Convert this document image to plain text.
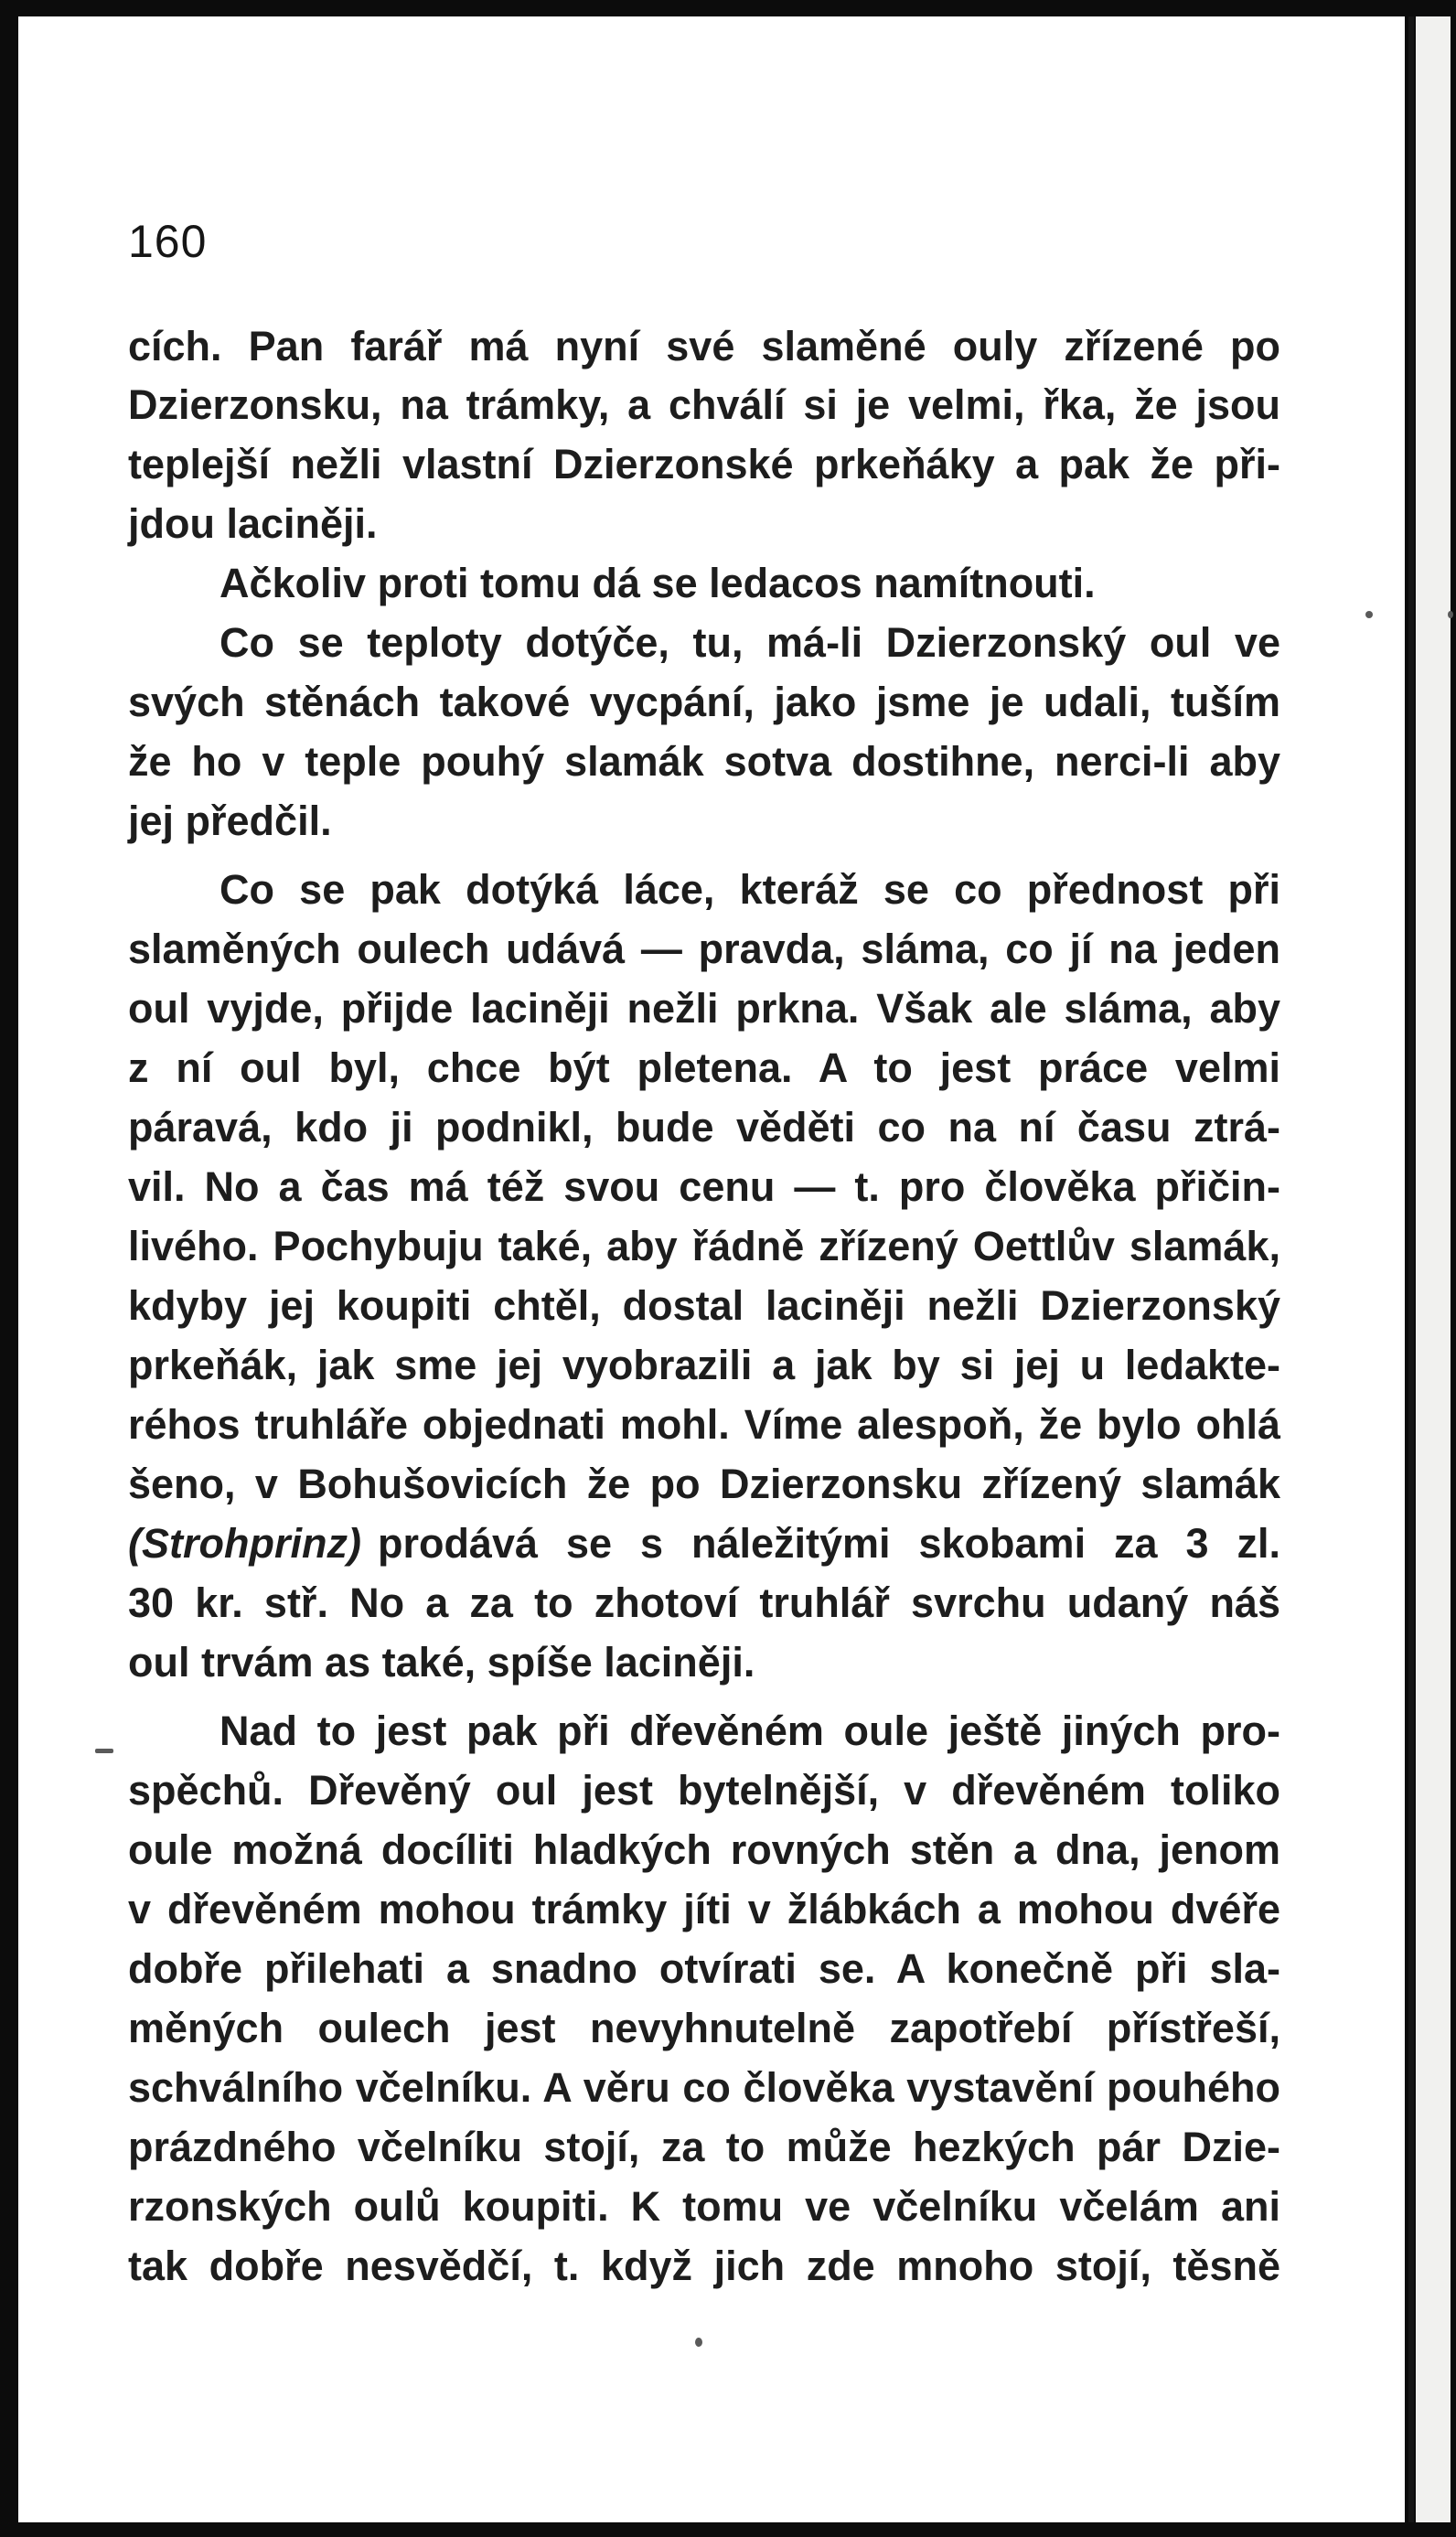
160
cích. Pan farář má nyní své slaměné ouly zřízené po
Dzierzonsku, na trámky, a chválí si je velmi, řka, že jsou
teplejší nežli vlastní Dzierzonské prkeňáky a pak že při-
jdou laciněji.
Ačkoliv proti tomu dá se ledacos namítnouti.
Co se teploty dotýče, tu, má-li Dzierzonský oul ve
svých stěnách takové vycpání, jako jsme je udali, tuším
že ho v teple pouhý slamák sotva dostihne, nerci-li aby
jej předčil.
Co se pak dotýká láce, kteráž se co přednost při
slaměných oulech udává — pravda, sláma, co jí na jeden
oul vyjde, přijde laciněji nežli prkna. Však ale sláma, aby
z ní oul byl, chce být pletena. A to jest práce velmi
páravá, kdo ji podnikl, bude věděti co na ní času ztrá-
vil. No a čas má též svou cenu — t. pro člověka přičin-
livého. Pochybuju také, aby řádně zřízený Oettlův slamák,
kdyby jej koupiti chtěl, dostal laciněji nežli Dzierzonský
prkeňák, jak sme jej vyobrazili a jak by si jej u ledakte-
réhos truhláře objednati mohl. Víme alespoň, že bylo ohlá
šeno, v Bohušovicích že po Dzierzonsku zřízený slamák
(Strohprinz) prodává se s náležitými skobami za 3 zl.
30 kr. stř. No a za to zhotoví truhlář svrchu udaný náš
oul trvám as také, spíše laciněji.
Nad to jest pak při dřevěném oule ještě jiných pro-
spěchů. Dřevěný oul jest bytelnější, v dřevěném toliko
oule možná docíliti hladkých rovných stěn a dna, jenom
v dřevěném mohou trámky jíti v žlábkách a mohou dvéře
dobře přilehati a snadno otvírati se. A konečně při sla-
měných oulech jest nevyhnutelně zapotřebí přístřeší,
schválního včelníku. A věru co člověka vystavění pouhého
prázdného včelníku stojí, za to může hezkých pár Dzie-
rzonských oulů koupiti. K tomu ve včelníku včelám ani
tak dobře nesvědčí, t. když jich zde mnoho stojí, těsně
